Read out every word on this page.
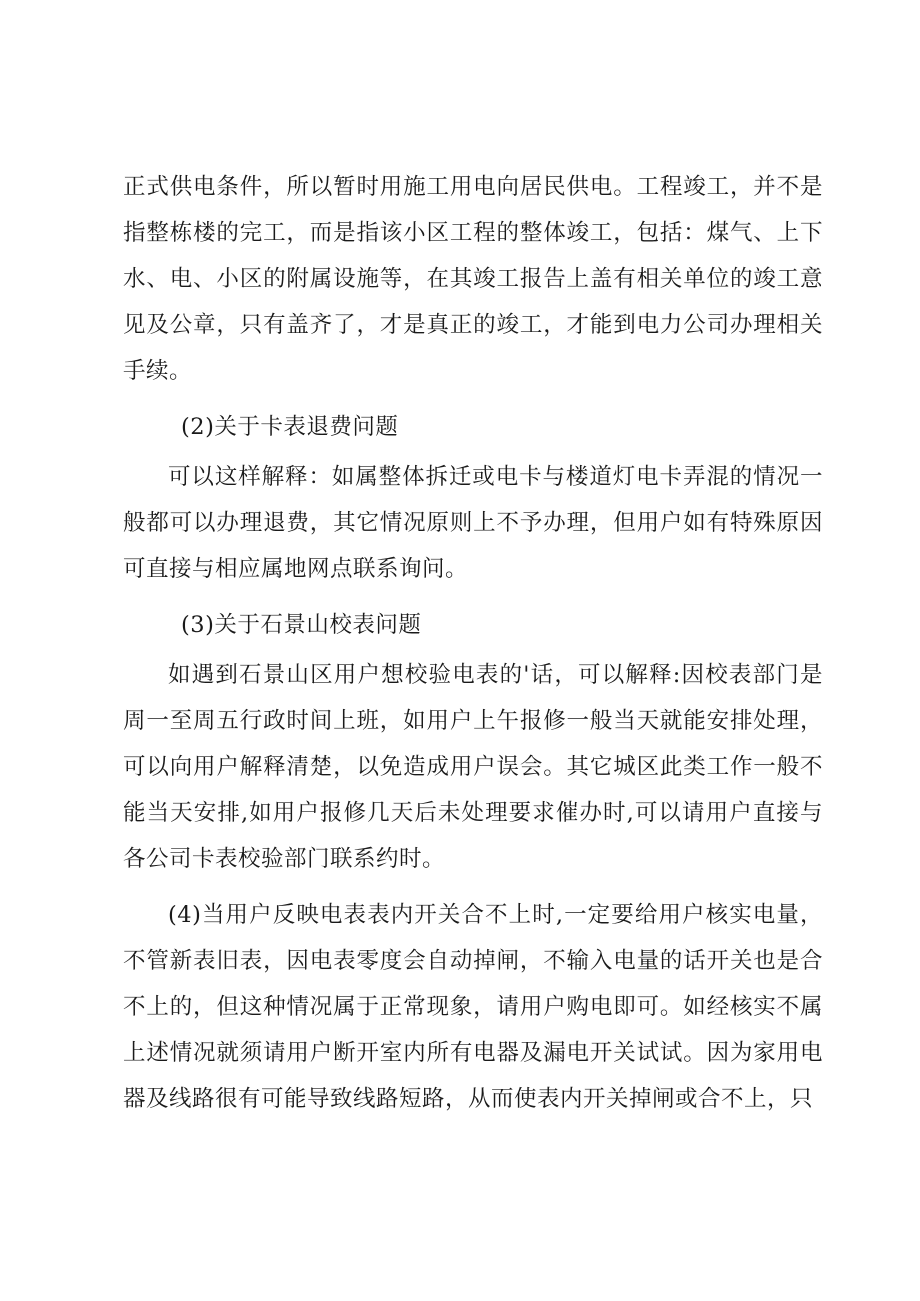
正式供电条件，所以暂时用施工用电向居民供电。工程竣工，并不是指整栋楼的完工，而是指该小区工程的整体竣工，包括：煤气、上下水、电、小区的附属设施等，在其竣工报告上盖有相关单位的竣工意见及公章，只有盖齐了，才是真正的竣工，才能到电力公司办理相关手续。

(2)关于卡表退费问题

可以这样解释：如属整体拆迁或电卡与楼道灯电卡弄混的情况一般都可以办理退费，其它情况原则上不予办理，但用户如有特殊原因可直接与相应属地网点联系询问。

(3)关于石景山校表问题

如遇到石景山区用户想校验电表的'话，可以解释:因校表部门是周一至周五行政时间上班，如用户上午报修一般当天就能安排处理，可以向用户解释清楚，以免造成用户误会。其它城区此类工作一般不能当天安排,如用户报修几天后未处理要求催办时,可以请用户直接与各公司卡表校验部门联系约时。

(4)当用户反映电表表内开关合不上时,一定要给用户核实电量，不管新表旧表，因电表零度会自动掉闸，不输入电量的话开关也是合不上的，但这种情况属于正常现象，请用户购电即可。如经核实不属上述情况就须请用户断开室内所有电器及漏电开关试试。因为家用电器及线路很有可能导致线路短路，从而使表内开关掉闸或合不上，只
